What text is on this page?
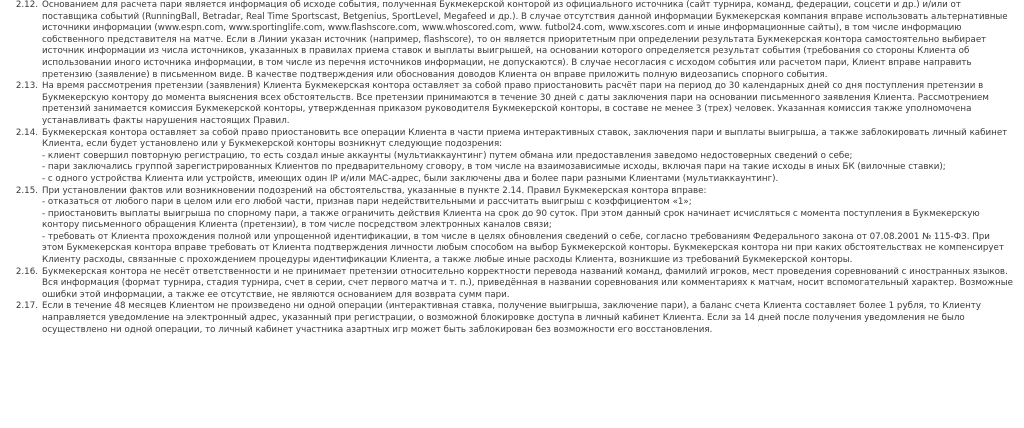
2.12. Основанием для расчета пари является информация об исходе события, полученная Букмекерской конторой из официального источника (сайт турнира, команд, федерации, соцсети и др.) и/или от поставщика событий (RunningBall, Betradar, Real Time Sportscast, Betgenius, SportLevel, Megafeed и др.). В случае отсутствия данной информации Букмекерская компания вправе использовать альтернативные источники информации (www.espn.com, www.sportinglife.com, www.flashscore.com, www.whoscored.com, www. futbol24.com, www.xscores.com и иные информационные сайты), в том числе информацию собственного представителя на матче. Если в Линии указан источник (например, flashscore), то он является приоритетным при определении результата Букмекерская контора самостоятельно выбирает источник информации из числа источников, указанных в правилах приема ставок и выплаты выигрышей, на основании которого определяется результат события (требования со стороны Клиента об использовании иного источника информации, в том числе из перечня источников информации, не допускаются). В случае несогласия с исходом события или расчетом пари, Клиент вправе направить претензию (заявление) в письменном виде. В качестве подтверждения или обоснования доводов Клиента он вправе приложить полную видеозапись спорного события.
2.13. На время рассмотрения претензии (заявления) Клиента Букмекерская контора оставляет за собой право приостановить расчёт пари на период до 30 календарных дней со дня поступления претензии в Букмекерскую контору до момента выяснения всех обстоятельств. Все претензии принимаются в течение 30 дней с даты заключения пари на основании письменного заявления Клиента. Рассмотрением претензий занимается комиссия Букмекерской конторы, утвержденная приказом руководителя Букмекерской конторы, в составе не менее 3 (трех) человек. Указанная комиссия также уполномочена устанавливать факты нарушения настоящих Правил.
2.14. Букмекерская контора оставляет за собой право приостановить все операции Клиента в части приема интерактивных ставок, заключения пари и выплаты выигрыша, а также заблокировать личный кабинет Клиента, если будет установлено или у Букмекерской конторы возникнут следующие подозрения:
- клиент совершил повторную регистрацию, то есть создал иные аккаунты (мультиаккаунтинг) путем обмана или предоставления заведомо недостоверных сведений о себе;
- пари заключались группой зарегистрированных Клиентов по предварительному сговору, в том числе на взаимозависимые исходы, включая пари на такие исходы в иных БК (вилочные ставки);
- с одного устройства Клиента или устройств, имеющих один IP и/или МАС-адрес, были заключены два и более пари разными Клиентами (мультиаккаунтинг).
2.15. При установлении фактов или возникновении подозрений на обстоятельства, указанные в пункте 2.14. Правил Букмекерская контора вправе:
- отказаться от любого пари в целом или его любой части, признав пари недействительными и рассчитать выигрыш с коэффициентом «1»;
- приостановить выплаты выигрыша по спорному пари, а также ограничить действия Клиента на срок до 90 суток. При этом данный срок начинает исчисляться с момента поступления в Букмекерскую контору письменного обращения Клиента (претензии), в том числе посредством электронных каналов связи;
- требовать от Клиента прохождения полной или упрощенной идентификации, в том числе в целях обновления сведений о себе, согласно требованиям Федерального закона от 07.08.2001 № 115-ФЗ. При этом Букмекерская контора вправе требовать от Клиента подтверждения личности любым способом на выбор Букмекерской конторы. Букмекерская контора ни при каких обстоятельствах не компенсирует Клиенту расходы, связанные с прохождением процедуры идентификации Клиента, а также любые иные расходы Клиента, возникшие из требований Букмекерской конторы.
2.16. Букмекерская контора не несёт ответственности и не принимает претензии относительно корректности перевода названий команд, фамилий игроков, мест проведения соревнований с иностранных языков. Вся информация (формат турнира, стадия турнира, счет в серии, счет первого матча и т. п.), приведённая в названии соревнования или комментариях к матчам, носит вспомогательный характер. Возможные ошибки этой информации, а также ее отсутствие, не являются основанием для возврата сумм пари.
2.17. Если в течение 48 месяцев Клиентом не произведено ни одной операции (интерактивная ставка, получение выигрыша, заключение пари), а баланс счета Клиента составляет более 1 рубля, то Клиенту направляется уведомление на электронный адрес, указанный при регистрации, о возможной блокировке доступа в личный кабинет Клиента. Если за 14 дней после получения уведомления не было осуществлено ни одной операции, то личный кабинет участника азартных игр может быть заблокирован без возможности его восстановления.
